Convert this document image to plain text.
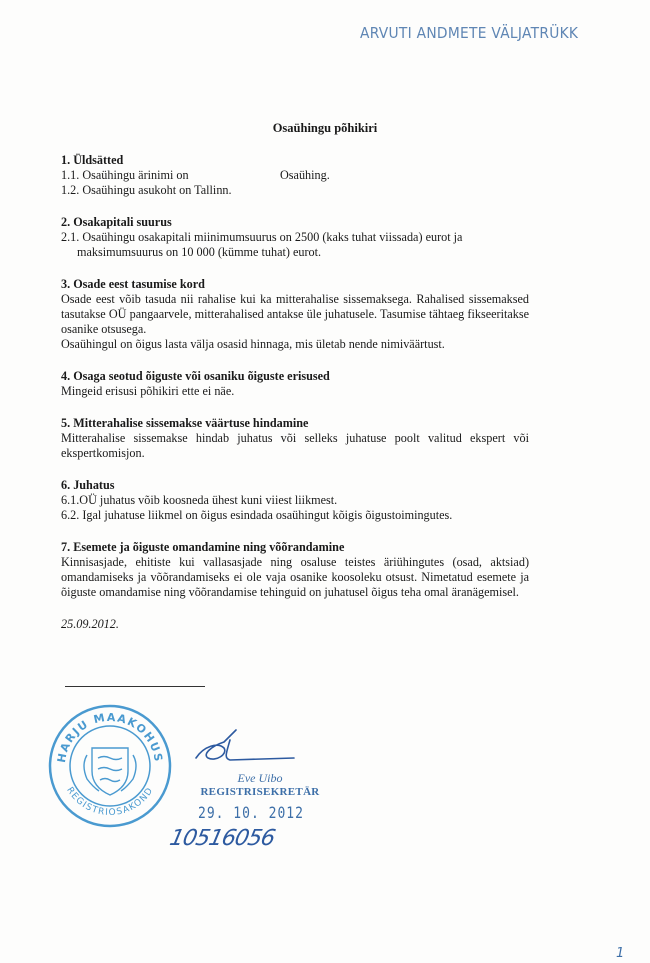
ARVUTI ANDMETE VÄLJATRÜKK
Osaühingu põhikiri
1. Üldsätted
1.1. Osaühingu ärinimi on	Osaühing.
1.2. Osaühingu asukoht on Tallinn.
2. Osakapitali suurus
2.1. Osaühingu osakapitali miinimumsuurus on 2500 (kaks tuhat viissada) eurot ja maksimumsuurus on 10 000 (kümme tuhat) eurot.
3. Osade eest tasumise kord
Osade eest võib tasuda nii rahalise kui ka mitterahalise sissemaksega. Rahalised sissemaksed tasutakse OÜ pangaarvele, mitterahalised antakse üle juhatusele. Tasumise tähtaeg fikseeritakse osanike otsusega.
Osaühingul on õigus lasta välja osasid hinnaga, mis ületab nende nimiväärtust.
4. Osaga seotud õiguste või osaniku õiguste erisused
Mingeid erisusi põhikiri ette ei näe.
5. Mitterahalise sissemakse väärtuse hindamine
Mitterahalise sissemakse hindab juhatus või selleks juhatuse poolt valitud ekspert või ekspertkomisjon.
6. Juhatus
6.1.OÜ juhatus võib koosneda ühest kuni viiest liikmest.
6.2. Igal juhatuse liikmel on õigus esindada osaühingut kõigis õigustoimingutes.
7. Esemete ja õiguste omandamine ning võõrandamine
Kinnisasjade, ehitiste kui vallasasjade ning osaluse teistes äriühingutes (osad, aktsiad) omandamiseks ja võõrandamiseks ei ole vaja osanike koosoleku otsust. Nimetatud esemete ja õiguste omandamise ning võõrandamise tehinguid on juhatusel õigus teha omal äranägemisel.
25.09.2012.
HARJU MAAKOHUS
REGISTRIOSAKOND
Eve Uibo
REGISTRISEKRETÄR
29. 10. 2012
10516056
1
